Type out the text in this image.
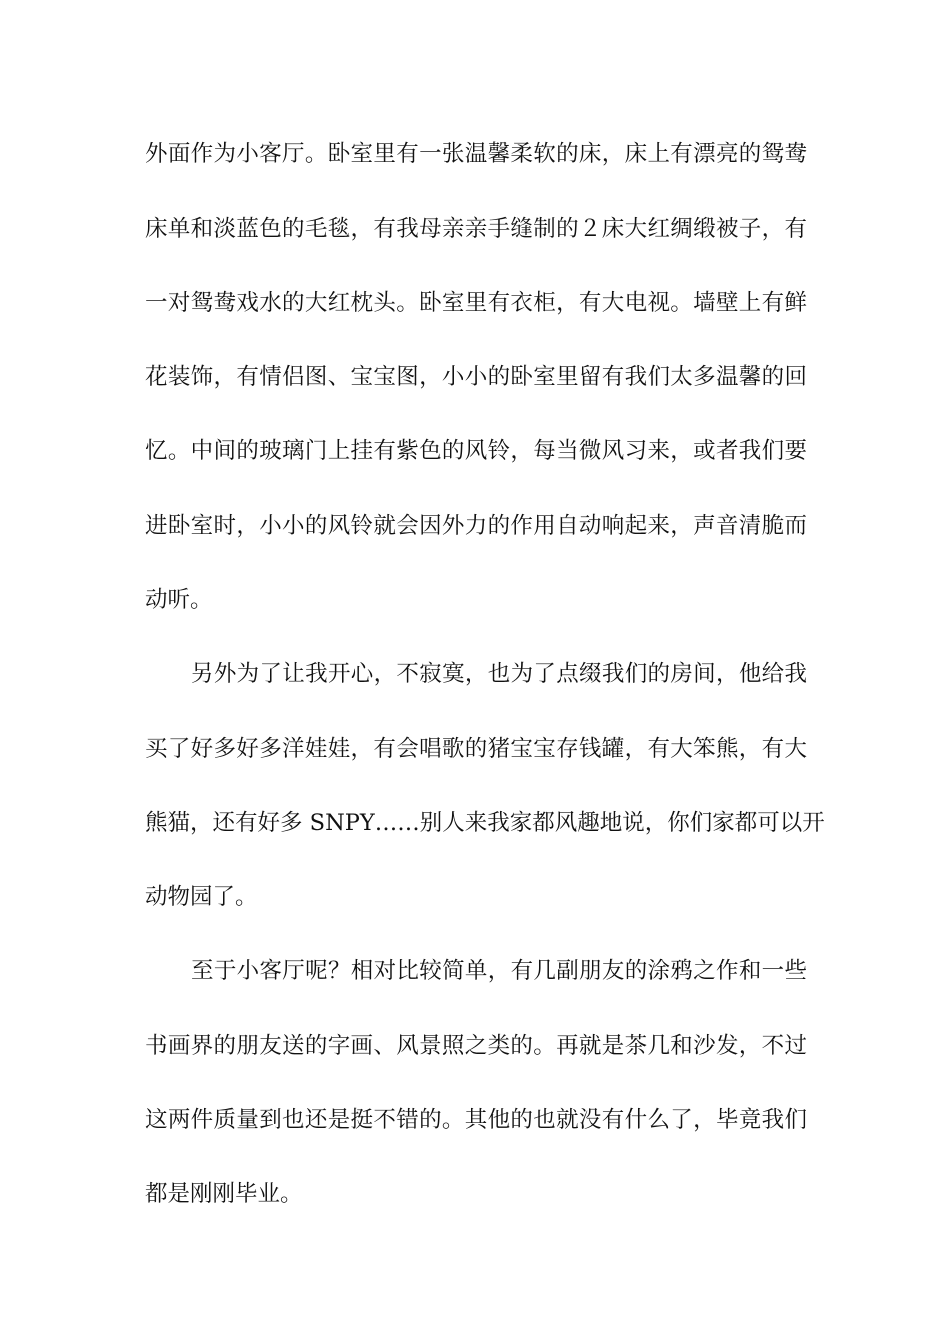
外面作为小客厅。卧室里有一张温馨柔软的床，床上有漂亮的鸳鸯
床单和淡蓝色的毛毯，有我母亲亲手缝制的２床大红绸缎被子，有
一对鸳鸯戏水的大红枕头。卧室里有衣柜，有大电视。墙壁上有鲜
花装饰，有情侣图、宝宝图，小小的卧室里留有我们太多温馨的回
忆。中间的玻璃门上挂有紫色的风铃，每当微风习来，或者我们要
进卧室时，小小的风铃就会因外力的作用自动响起来，声音清脆而
动听。
另外为了让我开心，不寂寞，也为了点缀我们的房间，他给我
买了好多好多洋娃娃，有会唱歌的猪宝宝存钱罐，有大笨熊，有大
熊猫，还有好多 SNPY……别人来我家都风趣地说，你们家都可以开
动物园了。
至于小客厅呢？相对比较简单，有几副朋友的涂鸦之作和一些
书画界的朋友送的字画、风景照之类的。再就是茶几和沙发，不过
这两件质量到也还是挺不错的。其他的也就没有什么了，毕竟我们
都是刚刚毕业。
